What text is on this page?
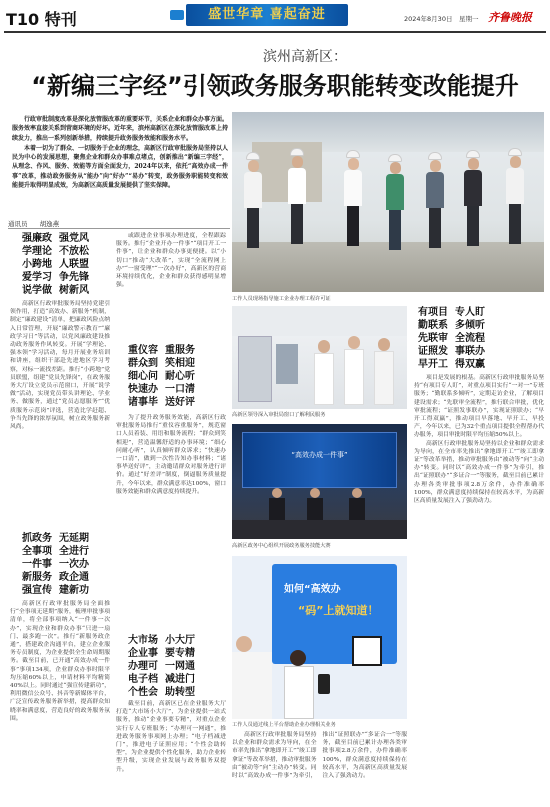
T10 特刊	盛世华章 喜起奋进	2024年8月30日　星期一 齐鲁晚报
滨州高新区：
“新编三字经”引领政务服务职能转变改能提升

行政审批制度改革是深化放管服改革的重要环节，关系企业和群众办事方面。服务效率直接关系到营商环境的好坏。近年来，滨州高新区在深化放管服改革上持续发力，推出一系列创新举措，持续提升政务服务效能和服务水平。

本着一切为了群众、一切服务于企业的理念，高新区行政审批服务局坚持以人民为中心的发展思想，聚焦企业和群众办事难点堵点，创新推出“新编三字经”，从理念、作风、服务、效能等方面全面发力，2024年以来，依托“高效办成一件事”改革，推动政务服务从“能办”向“好办”“易办”转变，政务服务职能转变和效能提升取得明显成效，为高新区高质量发展提供了坚实保障。

通讯员 胡逸燕
工作人员现场指导施工企业办理工程许可证
强廉政 强党风
学理论 不放松
小跨地 人联盟
爱学习 争先锋
说学做 树新风

高新区行政审批服务局坚持党建引领作用，打造“高效办、新服务”机制，制定“廉政建设”清单，把廉政风险点纳入日常管理，开展“廉政警示教育”“廉政学习日”等活动，以党风廉政建设推动政务服务作风转变。开展“学理论、强本领”学习活动，每月开展业务培训和讲座，组织干部赴先进地区学习考察，对标一流找差距。推行“小跨地”党员联盟，组建“党员先锋岗”，在政务服务大厅设立党员示范窗口，开展“说学做”活动，实现党员带头讲理论、学业务、做服务，通过“党员志愿服务”“优质服务示范岗”评选，营造比学赶超、争当先锋的浓厚氛围，树立政务服务新风尚。

抓政务 无延期
全事项 全进行
一件事 一次办
新服务 政企通
强宣传 建新功

高新区行政审批服务局全面推行“全事项无延期”服务，梳理审批事项清单，将全部事项纳入“一件事一次办”，实现企业和群众办事“只进一扇门、最多跑一次”。推行“新服务政企通”，搭建政企沟通平台，建立企业服务专员制度，为企业提供全生命周期服务。截至目前，已开通“高效办成一件事”事项134项，企业群众办事时限平均压缩60%以上，申请材料平均精简40%以上。同时通过“强宣传建新功”，利用微信公众号、抖音等新媒体平台，广泛宣传政务服务新举措，提高群众知晓率和满意度，营造良好的政务服务氛围。

或跟进企业事项办理进度，全程跟踪服务。推行“企业开办一件事”“项目开工一件事”，让企业和群众办事更便捷。以“小切口”推动“大改革”，实现“全流程网上办”“一窗受理”“一次办好”，高新区的营商环境持续优化，企业和群众获得感明显增强。

重仪容 重服务
群众到 笑相迎
细心问 耐心听
快速办 一口清
诸事毕 送好评

为了提升政务服务效能，高新区行政审批服务局推行“重仪容重服务”，规范窗口人员着装、用语和服务流程；“群众到笑相迎”，营造温馨舒适的办事环境；“细心问耐心听”，认真倾听群众诉求；“快速办一口清”，做到一次性告知办事材料；“诸事毕送好评”，主动邀请群众对服务进行评价。通过“好差评”制度，倒逼服务质量提升，今年以来，群众满意率达100%，窗口服务效能和群众满意度持续提升。

大市场 小大厅
企业事 要专精
办理可 一网通
电子档 减进门
个性会 助转型

截至目前，高新区已在企业服务大厅打造“大市场小大厅”，为企业提供一站式服务，推动“企业事要专精”，对重点企业实行专人专班服务；“办理可一网通”，推进政务服务事项网上办理；“电子档减进门”，推进电子证照应用；“个性会助转型”，为企业提供个性化服务，助力企业转型升级，实现企业发展与政务服务双提升。

高新区领导深入审批局窗口了解利民服务
“高效办成一件事”
高新区政务中心组织开展政务服务技能大赛
如何“高效办
“码”上就知道！
工作人员通过线上平台帮助企业办理相关业务

高新区行政审批服务局坚持以企业和群众需求为导向，在全市率先推出“拿地即开工”“竣工即拿证”等改革举措，推动审批服务由“被动等”向“主动办”转变。同时以“高效办成一件事”为牵引，推出“证照联办”“多证合一”等服务，截至目前已累计办理各类审批事项2.8万余件，办件准确率100%，群众满意度持续保持在较高水平，为高新区高质量发展注入了强劲动力。

有项目 专人盯
勤联系 多倾听
先联审 全流程
证照发 事联办
早开工 得双赢

项目是发展的根基。高新区行政审批服务局坚持“有项目专人盯”，对重点项目实行“一对一”专班服务；“勤联系多倾听”，定期走访企业，了解项目建设需求；“先联审全流程”，推行联合审批，优化审批流程；“证照发事联办”，实现证照联办；“早开工得双赢”，推动项目早落地、早开工、早投产，今年以来，已为32个重点项目提供全程帮办代办服务，项目审批时限平均压缩50%以上。

高新区行政审批服务局坚持以企业和群众需求为导向，在全市率先推出“拿地即开工”“竣工即拿证”等改革举措，推动审批服务由“被动等”向“主动办”转变。同时以“高效办成一件事”为牵引，推出“证照联办”“多证合一”等服务，截至目前已累计办理各类审批事项2.8万余件，办件准确率100%，群众满意度持续保持在较高水平，为高新区高质量发展注入了强劲动力。
